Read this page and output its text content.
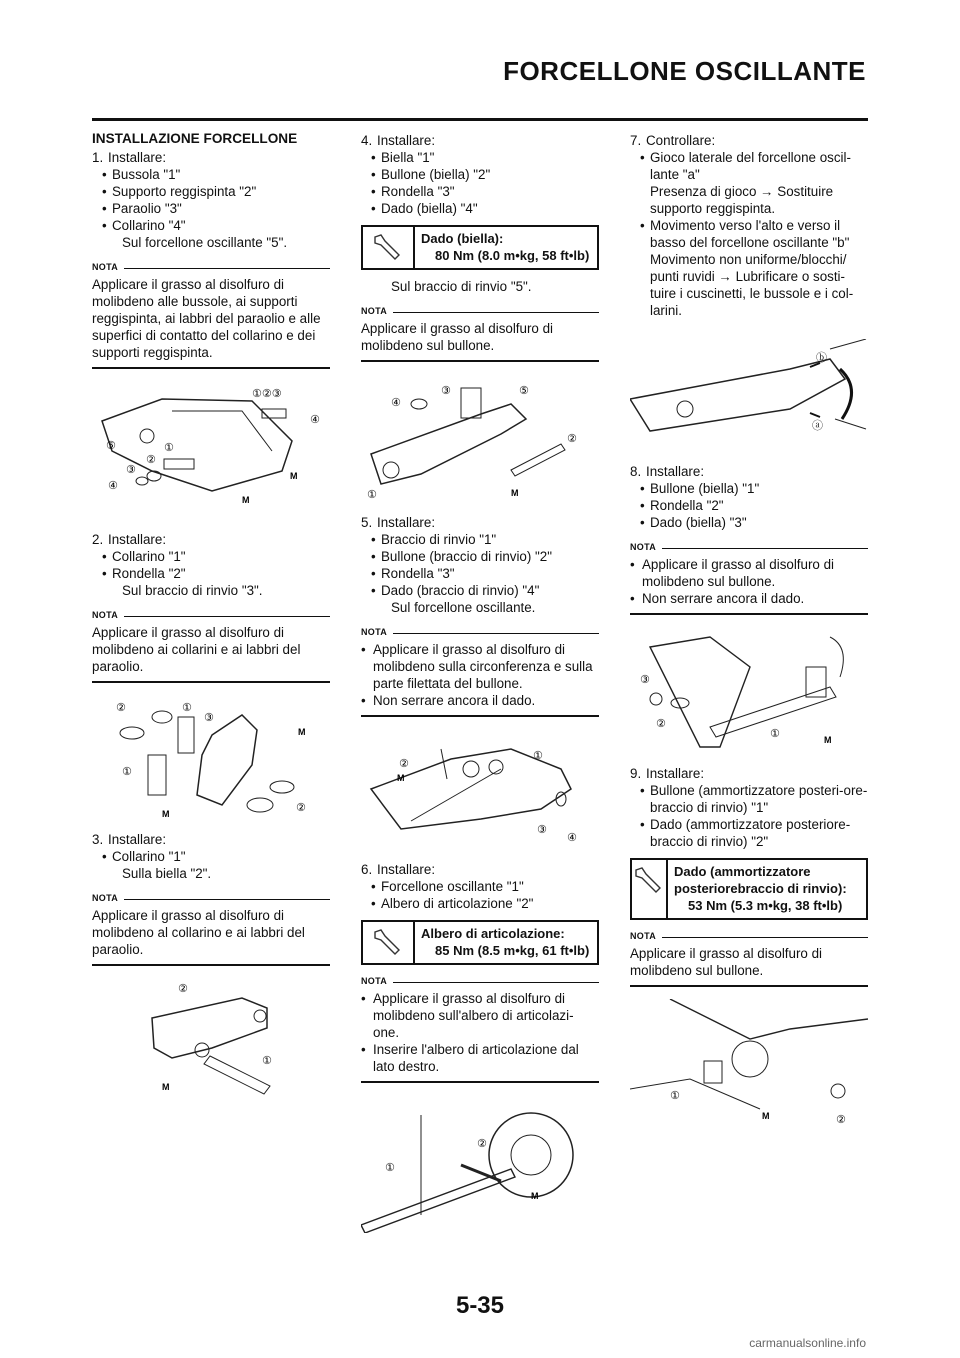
FORCELLONE OSCILLANTE
INSTALLAZIONE FORCELLONE
1. Installare:
• Bussola "1"
• Supporto reggispinta "2"
• Paraolio "3"
• Collarino "4"
Sul forcellone oscillante "5".
NOTA
Applicare il grasso al disolfuro di molibdeno alle bussole, ai supporti reggispinta, ai labbri del paraolio e alle superfici di contatto del collarino e dei supporti reggispinta.
⑤
①②③
④
①
②
③
④
M
M
2. Installare:
• Collarino "1"
• Rondella "2"
Sul braccio di rinvio "3".
NOTA
Applicare il grasso al disolfuro di molibdeno ai collarini e ai labbri del paraolio.
②	①
③
①
②
M
M
3. Installare:
• Collarino "1"
Sulla biella "2".
NOTA
Applicare il grasso al disolfuro di molibdeno al collarino e ai labbri del paraolio.
②
①
M
4. Installare:
• Biella "1"
• Bullone (biella) "2"
• Rondella "3"
• Dado (biella) "4"
Dado (biella):
80 Nm (8.0 m•kg, 58 ft•lb)
Sul braccio di rinvio "5".
NOTA
Applicare il grasso al disolfuro di molibdeno sul bullone.
④
③	⑤
②
①	M
5. Installare:
• Braccio di rinvio "1"
• Bullone (braccio di rinvio) "2"
• Rondella "3"
• Dado (braccio di rinvio) "4"
Sul forcellone oscillante.
NOTA
• Applicare il grasso al disolfuro di molibdeno sulla circonferenza e sulla parte filettata del bullone.
• Non serrare ancora il dado.
②
①
③
④
M
6. Installare:
• Forcellone oscillante "1"
• Albero di articolazione "2"
Albero di articolazione:
85 Nm (8.5 m•kg, 61 ft•lb)
NOTA
• Applicare il grasso al disolfuro di molibdeno sull'albero di articolazi-one.
• Inserire l'albero di articolazione dal lato destro.
①
②
M
7. Controllare:
• Gioco laterale del forcellone oscil-lante "a"
Presenza di gioco → Sostituire supporto reggispinta.
• Movimento verso l'alto e verso il basso del forcellone oscillante "b"
Movimento non uniforme/blocchi/ punti ruvidi → Lubrificare o sosti-tuire i cuscinetti, le bussole e i col-larini.
ⓑ
ⓐ
8. Installare:
• Bullone (biella) "1"
• Rondella "2"
• Dado (biella) "3"
NOTA
• Applicare il grasso al disolfuro di molibdeno sul bullone.
• Non serrare ancora il dado.
③
②
①	M
9. Installare:
• Bullone (ammortizzatore posteri-ore- braccio di rinvio) "1"
• Dado (ammortizzatore posteriore- braccio di rinvio) "2"
Dado (ammortizzatore posteriorebraccio di rinvio):
53 Nm (5.3 m•kg, 38 ft•lb)
NOTA
Applicare il grasso al disolfuro di molibdeno sul bullone.
①
②
M
5-35
carmanualsonline.info
